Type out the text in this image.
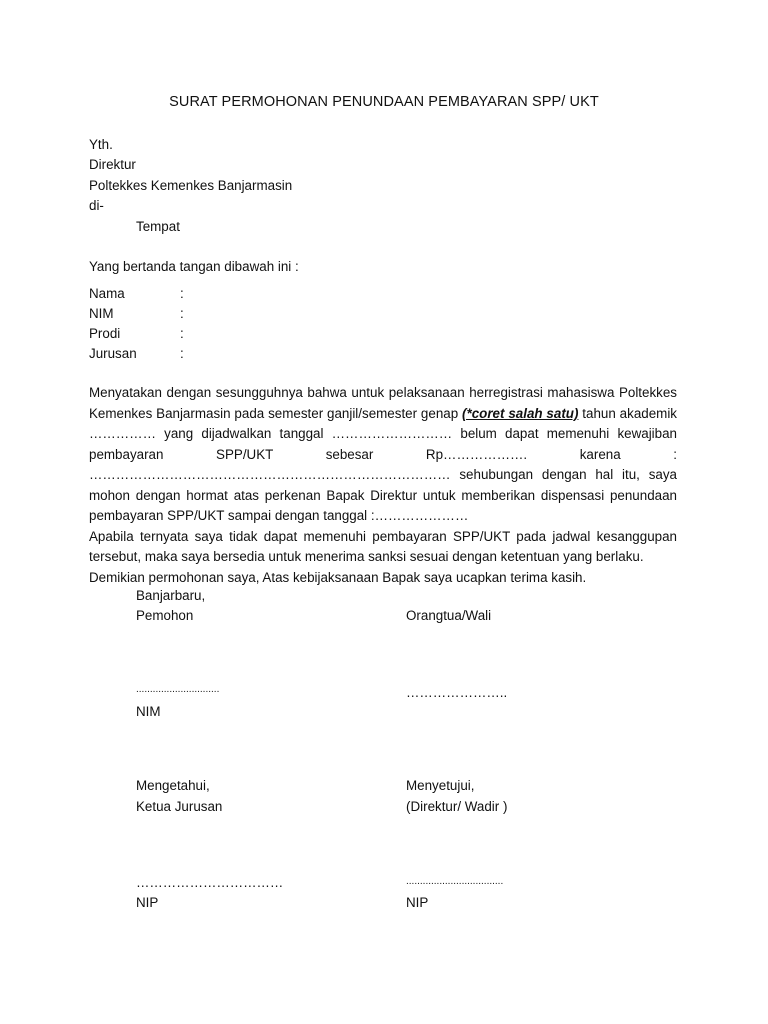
SURAT PERMOHONAN PENUNDAAN PEMBAYARAN SPP/ UKT
Yth.
Direktur
Poltekkes Kemenkes Banjarmasin
di-
Tempat
Yang bertanda tangan dibawah ini :
Nama	:
NIM	:
Prodi	:
Jurusan	:

Menyatakan dengan sesungguhnya bahwa untuk pelaksanaan herregistrasi mahasiswa Poltekkes Kemenkes Banjarmasin pada semester ganjil/semester genap (*coret salah satu) tahun akademik …………… yang dijadwalkan tanggal ……………………… belum dapat memenuhi kewajiban pembayaran SPP/UKT sebesar Rp………………. karena : ……………………………………………………………………… sehubungan dengan hal itu, saya mohon dengan hormat atas perkenan Bapak Direktur untuk memberikan dispensasi penundaan pembayaran SPP/UKT sampai dengan tanggal :…………………

Apabila ternyata saya tidak dapat memenuhi pembayaran SPP/UKT pada jadwal kesanggupan tersebut, maka saya bersedia untuk menerima sanksi sesuai dengan ketentuan yang berlaku.

Demikian permohonan saya, Atas kebijaksanaan Bapak saya ucapkan terima kasih.

Banjarbaru,
Pemohon	Orangtua/Wali
..............................	…………………..
NIM
Mengetahui,	Menyetujui,
Ketua Jurusan	(Direktur/ Wadir )
……………………………	...................................
NIP	NIP
